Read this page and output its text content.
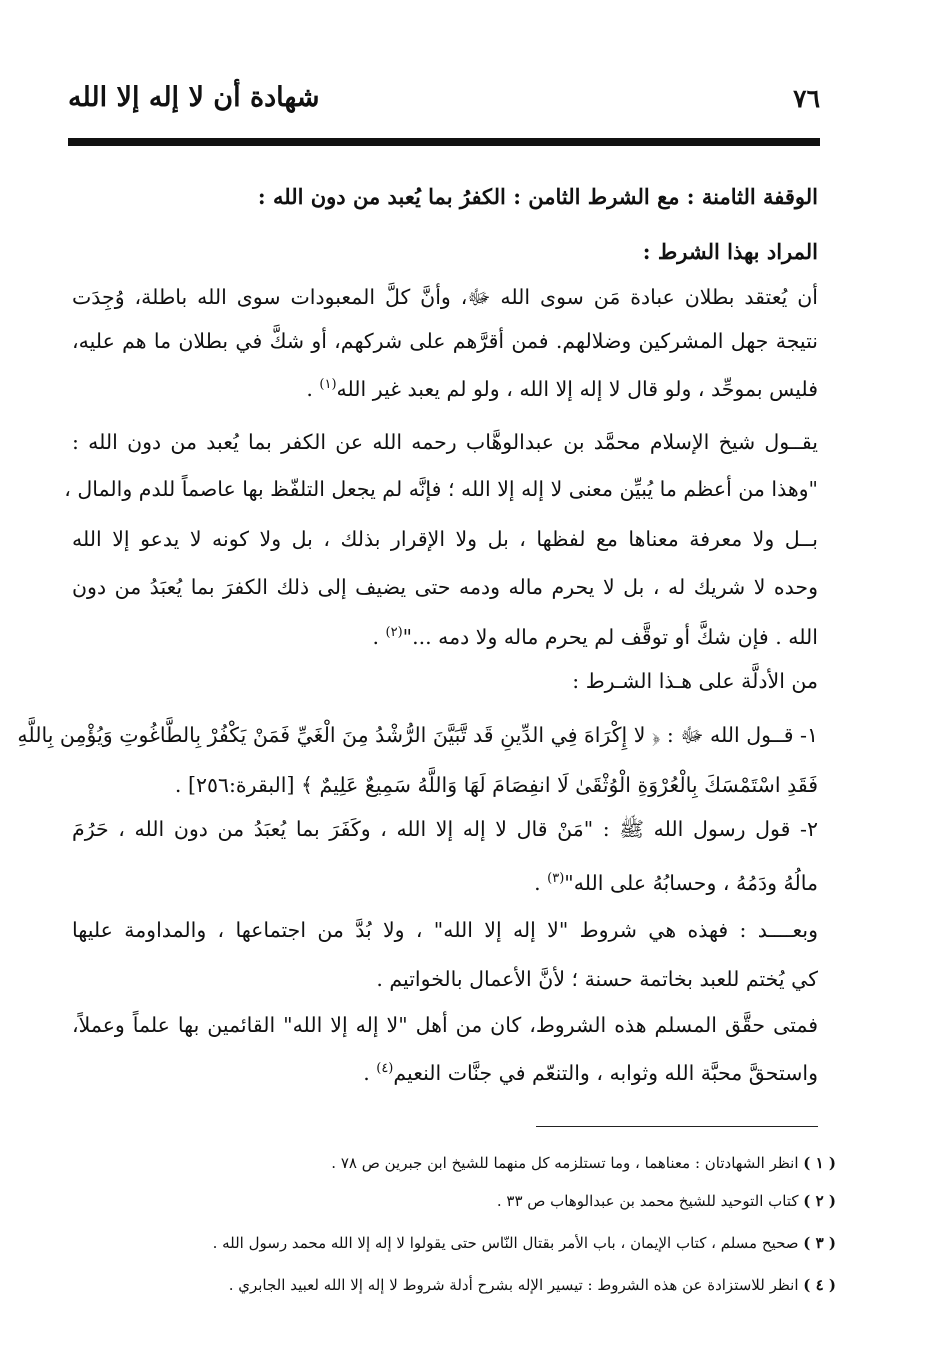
شهادة أن لا إله إلا الله	٧٦
الوقفة الثامنة : مع الشرط الثامن : الكفرُ بما يُعبد من دون الله :
المراد بهذا الشرط :
أن يُعتقد بطلان عبادة مَن سوى الله ﷻ، وأنَّ كلَّ المعبودات سوى الله باطلة، وُجِدَت
نتيجة جهل المشركين وضلالهم. فمن أقرَّهم على شركهم، أو شكَّ في بطلان ما هم عليه،
فليس بموحِّد ، ولو قال لا إله إلا الله ، ولو لم يعبد غير الله$^{(١)}$ .
يقــول شيخ الإسلام محمَّد بن عبدالوهَّاب رحمه الله عن الكفر بما يُعبد من دون الله :
"وهذا من أعظم ما يُبيِّن معنى لا إله إلا الله ؛ فإنَّه لم يجعل التلفّظ بها عاصماً للدم والمال ،
بــل ولا معرفة معناها مع لفظها ، بل ولا الإقرار بذلك ، بل ولا كونه لا يدعو إلا الله
وحده لا شريك له ، بل لا يحرم ماله ودمه حتى يضيف إلى ذلك الكفرَ بما يُعبَدُ من دون
الله . فإن شكَّ أو توقَّف لم يحرم ماله ولا دمه ..."$^{(٢)}$ .
من الأدلَّة على هـذا الشـرط :
١- قــول الله ﷻ : ﴿ لا إِكْرَاهَ فِي الدِّينِ قَد تَّبَيَّنَ الرُّشْدُ مِنَ الْغَيِّ فَمَنْ يَكْفُرْ بِالطَّاغُوتِ وَيُؤْمِن بِاللَّهِ
فَقَدِ اسْتَمْسَكَ بِالْعُرْوَةِ الْوُثْقَىٰ لَا انفِصَامَ لَهَا وَاللَّهُ سَمِيعٌ عَلِيمٌ ﴾ [البقرة:٢٥٦] .
٢- قول رسول الله ﷺ : "مَنْ قال لا إله إلا الله ، وكَفَرَ بما يُعبَدُ من دون الله ، حَرُمَ
مالُهُ ودَمُهُ ، وحسابُهُ على الله"$^{(٣)}$ .
وبعــــد : فهذه هي شروط "لا إله إلا الله" ، ولا بُدَّ من اجتماعها ، والمداومة عليها
كي يُختم للعبد بخاتمة حسنة ؛ لأنَّ الأعمال بالخواتيم .
فمتى حقَّق المسلم هذه الشروط، كان من أهل "لا إله إلا الله" القائمين بها علماً وعملاً،
واستحقَّ محبَّة الله وثوابه ، والتنعّم في جنَّات النعيم$^{(٤)}$ .
( ١ ) انظر الشهادتان : معناهما ، وما تستلزمه كل منهما للشيخ ابن جبرين ص ٧٨ .
( ٢ ) كتاب التوحيد للشيخ محمد بن عبدالوهاب ص ٣٣ .
( ٣ ) صحيح مسلم ، كتاب الإيمان ، باب الأمر بقتال النّاس حتى يقولوا لا إله إلا الله محمد رسول الله .
( ٤ ) انظر للاستزادة عن هذه الشروط : تيسير الإله بشرح أدلة شروط لا إله إلا الله لعبيد الجابري .
